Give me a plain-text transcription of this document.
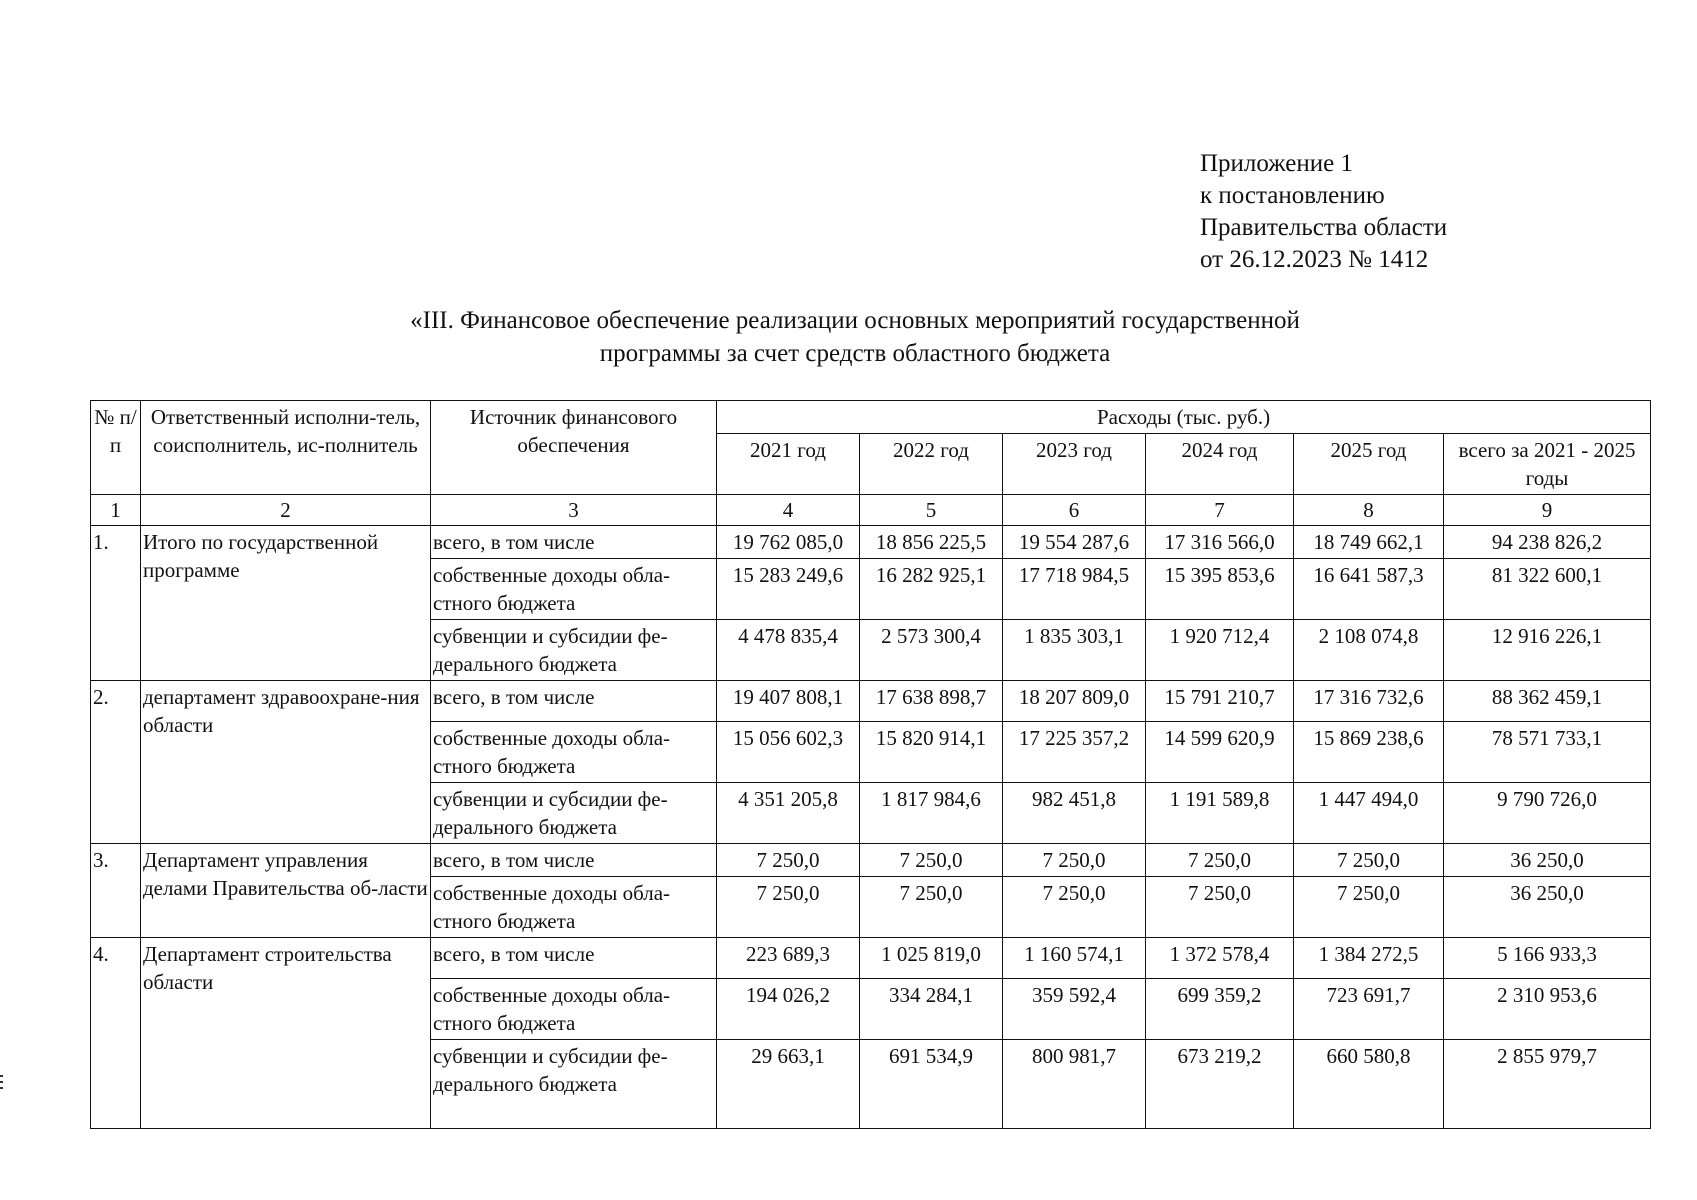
Приложение 1
к постановлению
Правительства области
от 26.12.2023 № 1412
«III. Финансовое обеспечение реализации основных мероприятий государственной
программы за счет средств областного бюджета
№ п/п	Ответственный исполни-тель, соисполнитель, ис-полнитель	Источник финансового обеспечения	Расходы (тыс. руб.)					
			2021 год	2022 год	2023 год	2024 год	2025 год	всего за 2021 - 2025 годы
1	2	3	4	5	6	7	8	9
1.	Итого по государственной программе	всего, в том числе	19 762 085,0	18 856 225,5	19 554 287,6	17 316 566,0	18 749 662,1	94 238 826,2
		собственные доходы обла-стного бюджета	15 283 249,6	16 282 925,1	17 718 984,5	15 395 853,6	16 641 587,3	81 322 600,1
		субвенции и субсидии фе-дерального бюджета	4 478 835,4	2 573 300,4	1 835 303,1	1 920 712,4	2 108 074,8	12 916 226,1
2.	департамент здравоохране-ния области	всего, в том числе	19 407 808,1	17 638 898,7	18 207 809,0	15 791 210,7	17 316 732,6	88 362 459,1
		собственные доходы обла-стного бюджета	15 056 602,3	15 820 914,1	17 225 357,2	14 599 620,9	15 869 238,6	78 571 733,1
		субвенции и субсидии фе-дерального бюджета	4 351 205,8	1 817 984,6	982 451,8	1 191 589,8	1 447 494,0	9 790 726,0
3.	Департамент управления делами Правительства об-ласти	всего, в том числе	7 250,0	7 250,0	7 250,0	7 250,0	7 250,0	36 250,0
		собственные доходы обла-стного бюджета	7 250,0	7 250,0	7 250,0	7 250,0	7 250,0	36 250,0
4.	Департамент строительства области	всего, в том числе	223 689,3	1 025 819,0	1 160 574,1	1 372 578,4	1 384 272,5	5 166 933,3
		собственные доходы обла-стного бюджета	194 026,2	334 284,1	359 592,4	699 359,2	723 691,7	2 310 953,6
		субвенции и субсидии фе-дерального бюджета	29 663,1	691 534,9	800 981,7	673 219,2	660 580,8	2 855 979,7
